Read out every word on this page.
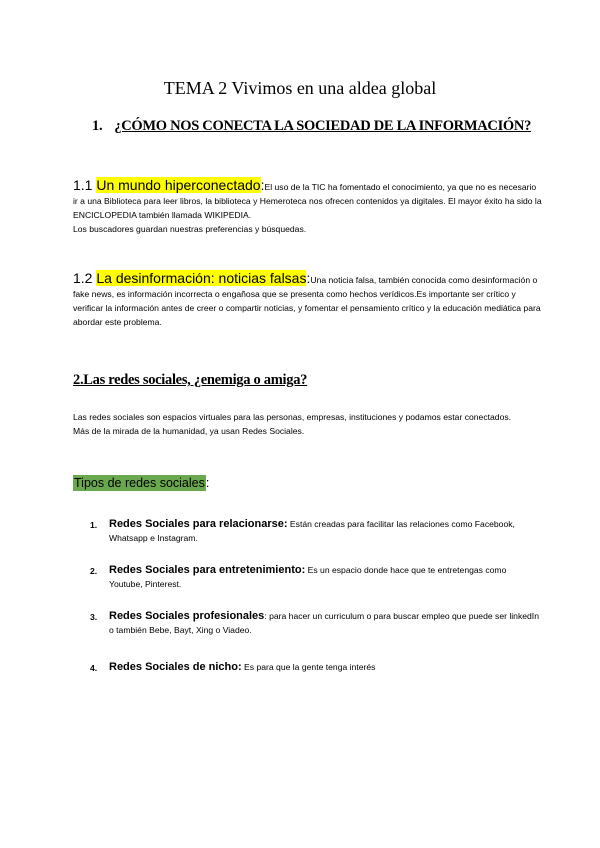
TEMA 2 Vivimos en una aldea global
1. ¿CÓMO NOS CONECTA LA SOCIEDAD DE LA INFORMACIÓN?
1.1 Un mundo hiperconectado:El uso de la TIC ha fomentado el conocimiento, ya que no es necesario ir a una Biblioteca para leer libros, la biblioteca y Hemeroteca nos ofrecen contenidos ya digitales. El mayor éxito ha sido la ENCICLOPEDIA también llamada WIKIPEDIA.
Los buscadores guardan nuestras preferencias y búsquedas.
1.2 La desinformación: noticias falsas:Una noticia falsa, también conocida como desinformación o fake news, es información incorrecta o engañosa que se presenta como hechos verídicos.Es importante ser crítico y verificar la información antes de creer o compartir noticias, y fomentar el pensamiento crítico y la educación mediática para abordar este problema.
2.Las redes sociales, ¿enemiga o amiga?
Las redes sociales son espacios virtuales para las personas, empresas, instituciones y podamos estar conectados. Más de la mirada de la humanidad, ya usan Redes Sociales.
Tipos de redes sociales:
1. Redes Sociales para relacionarse: Están creadas para facilitar las relaciones como Facebook, Whatsapp e Instagram.
2. Redes Sociales para entretenimiento: Es un espacio donde hace que te entretengas como Youtube, Pinterest.
3. Redes Sociales profesionales: para hacer un curriculum o para buscar empleo que puede ser linkedIn o también Bebe, Bayt, Xing o Viadeo.
4. Redes Sociales de nicho: Es para que la gente tenga interés
